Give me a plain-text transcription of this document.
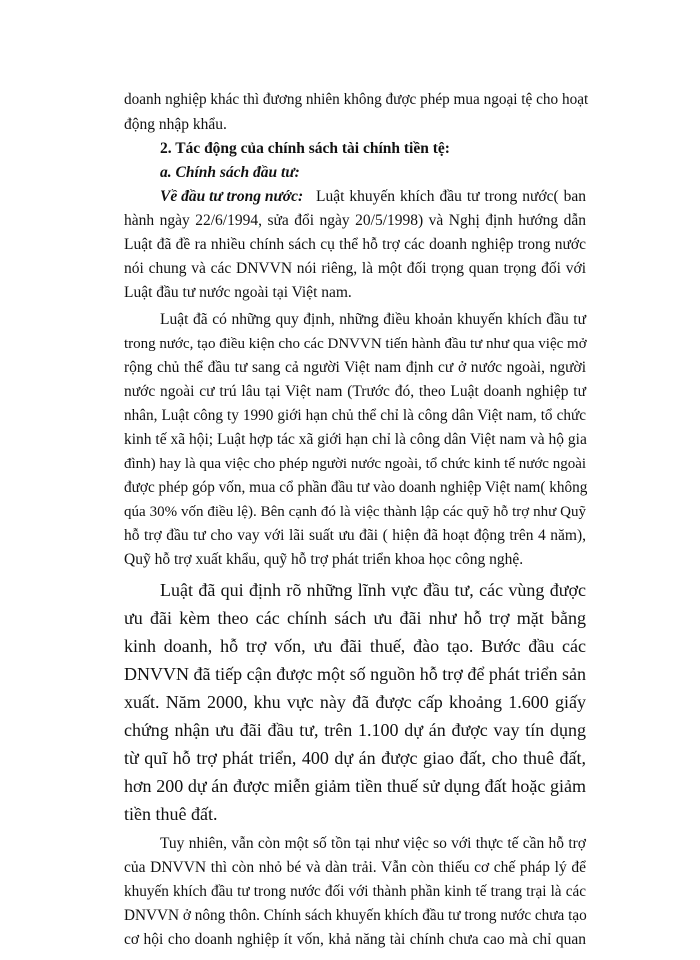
doanh nghiệp khác thì đương nhiên không được phép mua ngoại tệ cho hoạt
động nhập khẩu.
2. Tác động của chính sách tài chính tiền tệ:
a. Chính sách đầu tư:
Về đầu tư trong nước: Luật khuyến khích đầu tư trong nước( ban
hành ngày 22/6/1994, sửa đổi ngày 20/5/1998) và Nghị định hướng dẫn
Luật đã đề ra nhiều chính sách cụ thể hỗ trợ các doanh nghiệp trong nước
nói chung và các DNVVN nói riêng, là một đối trọng quan trọng đối với
Luật đầu tư nước ngoài tại Việt nam.
Luật đã có những quy định, những điều khoản khuyến khích đầu tư
trong nước, tạo điều kiện cho các DNVVN tiến hành đầu tư như qua việc mở
rộng chủ thể đầu tư sang cả người Việt nam định cư ở nước ngoài, người
nước ngoài cư trú lâu tại Việt nam (Trước đó, theo Luật doanh nghiệp tư
nhân, Luật công ty 1990 giới hạn chủ thể chỉ là công dân Việt nam, tổ chức
kinh tế xã hội; Luật hợp tác xã giới hạn chỉ là công dân Việt nam và hộ gia
đình) hay là qua việc cho phép người nước ngoài, tổ chức kinh tế nước ngoài
được phép góp vốn, mua cổ phần đầu tư vào doanh nghiệp Việt nam( không
qúa 30% vốn điều lệ). Bên cạnh đó là việc thành lập các quỹ hỗ trợ như Quỹ
hỗ trợ đầu tư cho vay với lãi suất ưu đãi ( hiện đã hoạt động trên 4 năm),
Quỹ hỗ trợ xuất khẩu, quỹ hỗ trợ phát triển khoa học công nghệ.
Luật đã qui định rõ những lĩnh vực đầu tư, các vùng được
ưu đãi kèm theo các chính sách ưu đãi như hỗ trợ mặt bằng
kinh doanh, hỗ trợ vốn, ưu đãi thuế, đào tạo. Bước đầu các
DNVVN đã tiếp cận được một số nguồn hỗ trợ để phát triển sản
xuất. Năm 2000, khu vực này đã được cấp khoảng 1.600 giấy
chứng nhận ưu đãi đầu tư, trên 1.100 dự án được vay tín dụng
từ quĩ hỗ trợ phát triển, 400 dự án được giao đất, cho thuê đất,
hơn 200 dự án được miễn giảm tiền thuế sử dụng đất hoặc giảm
tiền thuê đất.
Tuy nhiên, vẫn còn một số tồn tại như việc so với thực tế cần hỗ trợ
của DNVVN thì còn nhỏ bé và dàn trải. Vẫn còn thiếu cơ chế pháp lý để
khuyến khích đầu tư trong nước đối với thành phần kinh tế trang trại là các
DNVVN ở nông thôn. Chính sách khuyến khích đầu tư trong nước chưa tạo
cơ hội cho doanh nghiệp ít vốn, khả năng tài chính chưa cao mà chỉ quan
